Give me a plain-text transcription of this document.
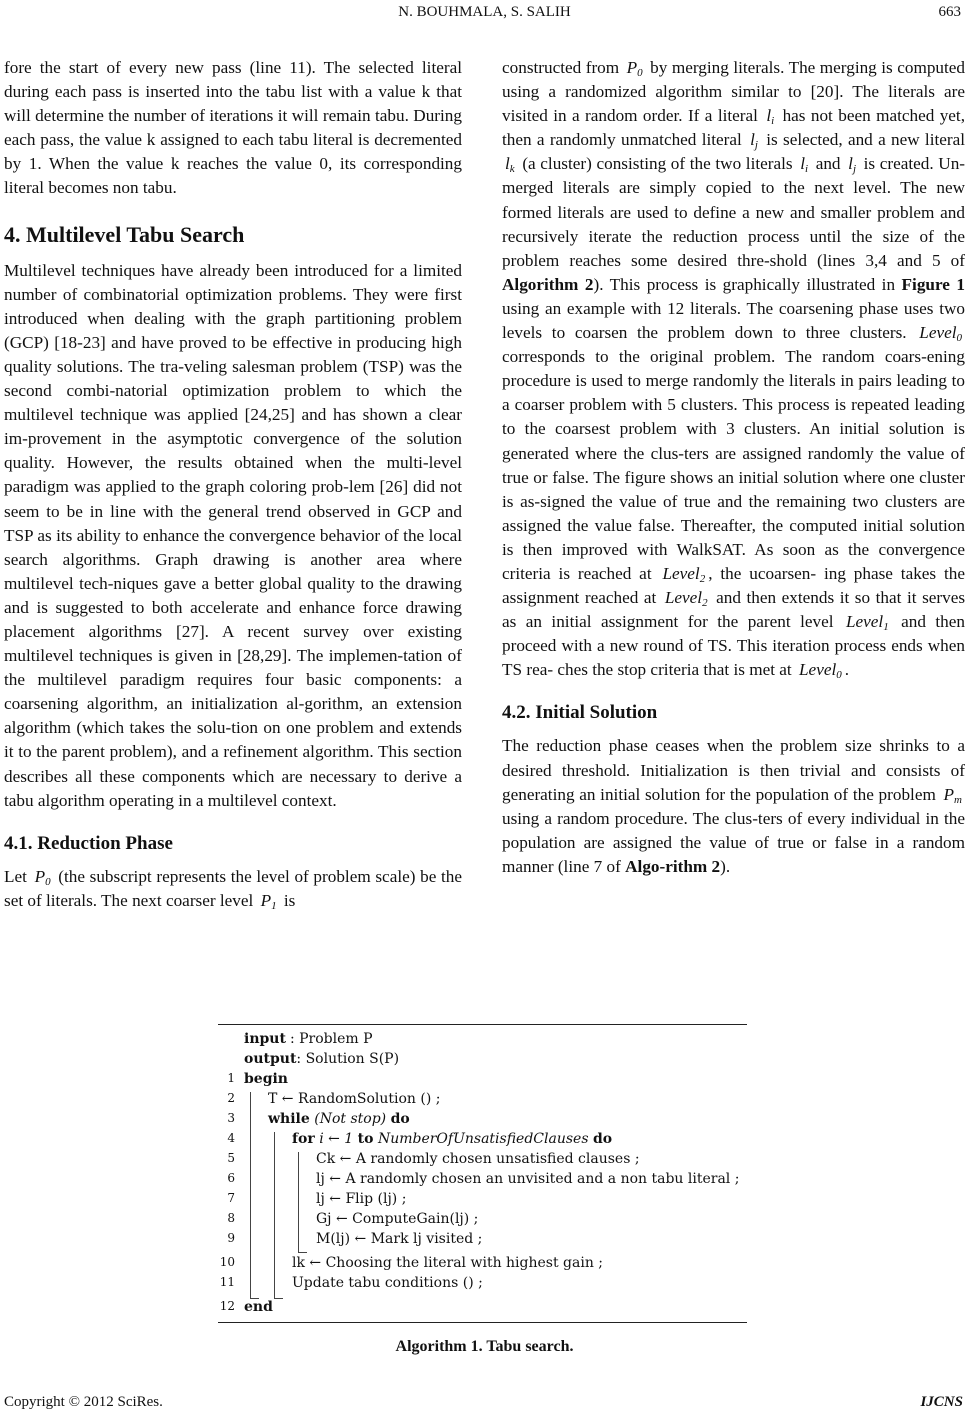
N. BOUHMALA, S. SALIH	663

fore the start of every new pass (line 11). The selected literal during each pass is inserted into the tabu list with a value k that will determine the number of iterations it will remain tabu. During each pass, the value k assigned to each tabu literal is decremented by 1. When the value k reaches the value 0, its corresponding literal becomes non tabu.

4. Multilevel Tabu Search

Multilevel techniques have already been introduced for a limited number of combinatorial optimization problems. They were first introduced when dealing with the graph partitioning problem (GCP) [18-23] and have proved to be effective in producing high quality solutions. The tra-veling salesman problem (TSP) was the second combi-natorial optimization problem to which the multilevel technique was applied [24,25] and has shown a clear im-provement in the asymptotic convergence of the solution quality. However, the results obtained when the multi-level paradigm was applied to the graph coloring prob-lem [26] did not seem to be in line with the general trend observed in GCP and TSP as its ability to enhance the convergence behavior of the local search algorithms. Graph drawing is another area where multilevel tech-niques gave a better global quality to the drawing and is suggested to both accelerate and enhance force drawing placement algorithms [27]. A recent survey over existing multilevel techniques is given in [28,29]. The implemen-tation of the multilevel paradigm requires four basic components: a coarsening algorithm, an initialization al-gorithm, an extension algorithm (which takes the solu-tion on one problem and extends it to the parent problem), and a refinement algorithm. This section describes all these components which are necessary to derive a tabu algorithm operating in a multilevel context.

4.1. Reduction Phase

Let $P_0$ (the subscript represents the level of problem scale) be the set of literals. The next coarser level $P_1$ is

constructed from $P_0$ by merging literals. The merging is computed using a randomized algorithm similar to [20]. The literals are visited in a random order. If a literal $l_i$ has not been matched yet, then a randomly unmatched literal $l_j$ is selected, and a new literal $l_k$ (a cluster) consisting of the two literals $l_i$ and $l_j$ is created. Un-merged literals are simply copied to the next level. The new formed literals are used to define a new and smaller problem and recursively iterate the reduction process until the size of the problem reaches some desired thre-shold (lines 3,4 and 5 of Algorithm 2). This process is graphically illustrated in Figure 1 using an example with 12 literals. The coarsening phase uses two levels to coarsen the problem down to three clusters. Level$_0$ corresponds to the original problem. The random coars-ening procedure is used to merge randomly the literals in pairs leading to a coarser problem with 5 clusters. This process is repeated leading to the coarsest problem with 3 clusters. An initial solution is generated where the clus-ters are assigned randomly the value of true or false. The figure shows an initial solution where one cluster is as-signed the value of true and the remaining two clusters are assigned the value false. Thereafter, the computed initial solution is then improved with WalkSAT. As soon as the convergence criteria is reached at Level$_2$ , the ucoarsen- ing phase takes the assignment reached at Level$_2$ and then extends it so that it serves as an initial assignment for the parent level Level$_1$ and then proceed with a new round of TS. This iteration process ends when TS rea- ches the stop criteria that is met at Level$_0$ .

4.2. Initial Solution

The reduction phase ceases when the problem size shrinks to a desired threshold. Initialization is then trivial and consists of generating an initial solution for the population of the problem $P_m$ using a random procedure. The clus-ters of every individual in the population are assigned the value of true or false in a random manner (line 7 of Algo-rithm 2).

input : Problem P
output: Solution S(P)
1 begin
2 T ← RandomSolution () ;
3 while (Not stop) do
4	for i ← 1 to NumberOfUnsatisfiedClauses do
5	Ck ← A randomly chosen unsatisfied clauses ;
6	lj ← A randomly chosen an unvisited and a non tabu literal ;
7	lj ← Flip (lj) ;
8	Gj ← ComputeGain(lj) ;
9	M(lj) ← Mark lj visited ;
10	lk ← Choosing the literal with highest gain ;
11	Update tabu conditions () ;
12 end
Algorithm 1. Tabu search.
Copyright © 2012 SciRes.	IJCNS
